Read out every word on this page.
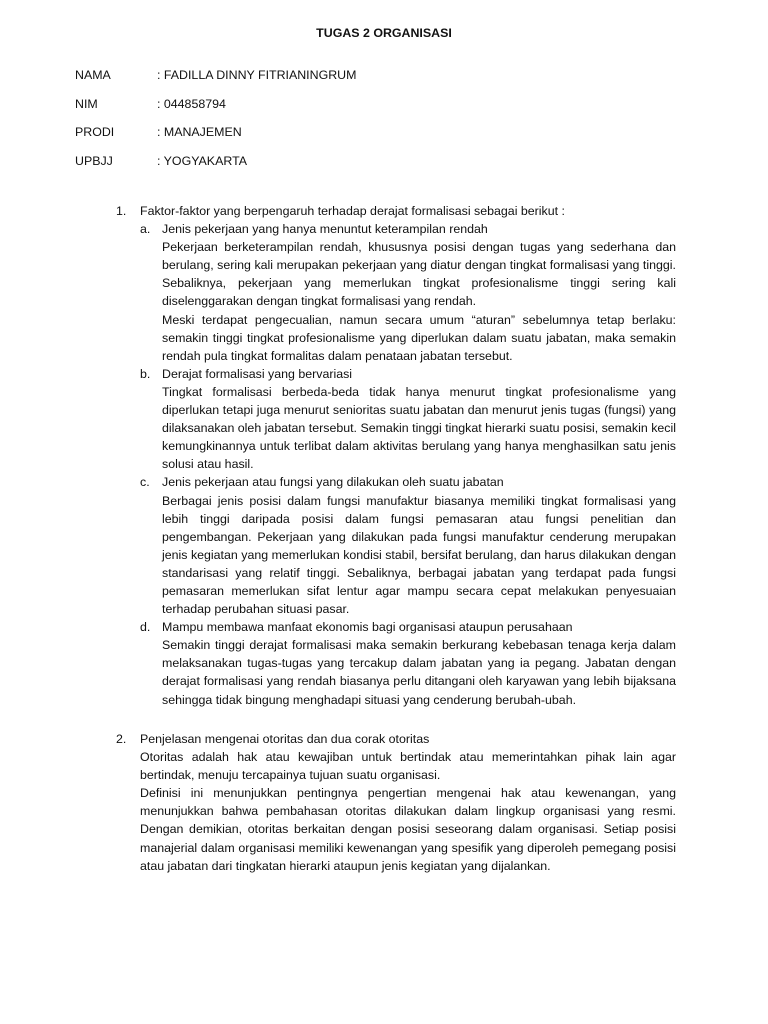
TUGAS 2 ORGANISASI
NAMA	: FADILLA DINNY FITRIANINGRUM
NIM	: 044858794
PRODI	: MANAJEMEN
UPBJJ	: YOGYAKARTA
1. Faktor-faktor yang berpengaruh terhadap derajat formalisasi sebagai berikut :
a. Jenis pekerjaan yang hanya menuntut keterampilan rendah
Pekerjaan berketerampilan rendah, khususnya posisi dengan tugas yang sederhana dan berulang, sering kali merupakan pekerjaan yang diatur dengan tingkat formalisasi yang tinggi. Sebaliknya, pekerjaan yang memerlukan tingkat profesionalisme tinggi sering kali diselenggarakan dengan tingkat formalisasi yang rendah.
Meski terdapat pengecualian, namun secara umum “aturan” sebelumnya tetap berlaku: semakin tinggi tingkat profesionalisme yang diperlukan dalam suatu jabatan, maka semakin rendah pula tingkat formalitas dalam penataan jabatan tersebut.
b. Derajat formalisasi yang bervariasi
Tingkat formalisasi berbeda-beda tidak hanya menurut tingkat profesionalisme yang diperlukan tetapi juga menurut senioritas suatu jabatan dan menurut jenis tugas (fungsi) yang dilaksanakan oleh jabatan tersebut. Semakin tinggi tingkat hierarki suatu posisi, semakin kecil kemungkinannya untuk terlibat dalam aktivitas berulang yang hanya menghasilkan satu jenis solusi atau hasil.
c. Jenis pekerjaan atau fungsi yang dilakukan oleh suatu jabatan
Berbagai jenis posisi dalam fungsi manufaktur biasanya memiliki tingkat formalisasi yang lebih tinggi daripada posisi dalam fungsi pemasaran atau fungsi penelitian dan pengembangan. Pekerjaan yang dilakukan pada fungsi manufaktur cenderung merupakan jenis kegiatan yang memerlukan kondisi stabil, bersifat berulang, dan harus dilakukan dengan standarisasi yang relatif tinggi. Sebaliknya, berbagai jabatan yang terdapat pada fungsi pemasaran memerlukan sifat lentur agar mampu secara cepat melakukan penyesuaian terhadap perubahan situasi pasar.
d. Mampu membawa manfaat ekonomis bagi organisasi ataupun perusahaan
Semakin tinggi derajat formalisasi maka semakin berkurang kebebasan tenaga kerja dalam melaksanakan tugas-tugas yang tercakup dalam jabatan yang ia pegang. Jabatan dengan derajat formalisasi yang rendah biasanya perlu ditangani oleh karyawan yang lebih bijaksana sehingga tidak bingung menghadapi situasi yang cenderung berubah-ubah.
2. Penjelasan mengenai otoritas dan dua corak otoritas
Otoritas adalah hak atau kewajiban untuk bertindak atau memerintahkan pihak lain agar bertindak, menuju tercapainya tujuan suatu organisasi.
Definisi ini menunjukkan pentingnya pengertian mengenai hak atau kewenangan, yang menunjukkan bahwa pembahasan otoritas dilakukan dalam lingkup organisasi yang resmi. Dengan demikian, otoritas berkaitan dengan posisi seseorang dalam organisasi. Setiap posisi manajerial dalam organisasi memiliki kewenangan yang spesifik yang diperoleh pemegang posisi atau jabatan dari tingkatan hierarki ataupun jenis kegiatan yang dijalankan.
